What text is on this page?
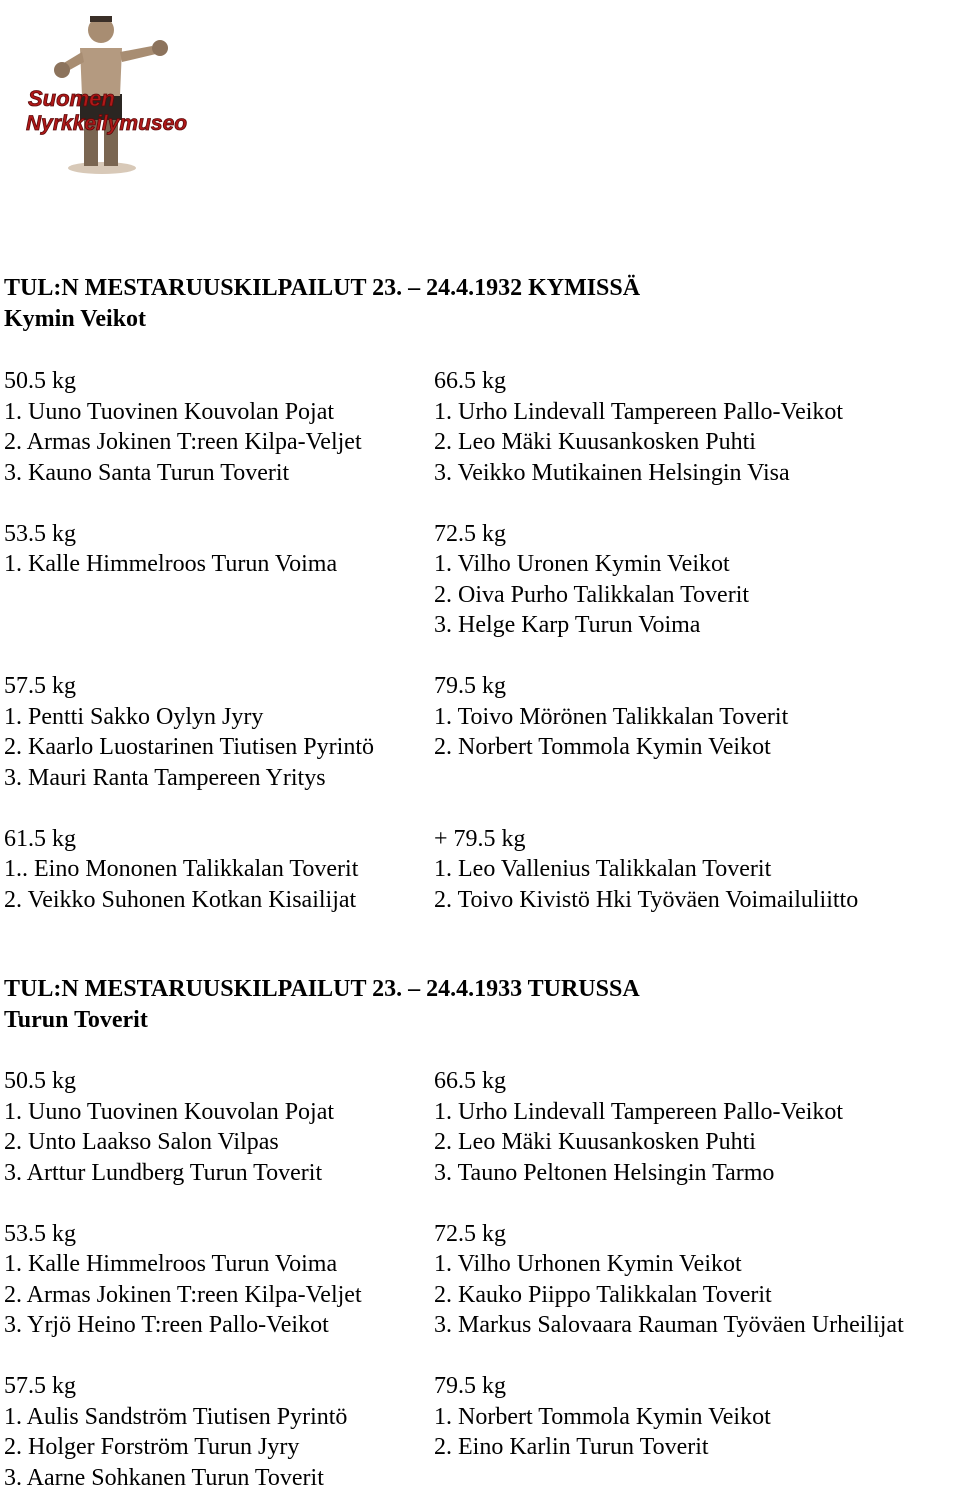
Suomen
Nyrkkeilymuseo
TUL:N MESTARUUSKILPAILUT 23. – 24.4.1932 KYMISSÄ
Kymin Veikot
50.5 kg
1. Uuno Tuovinen Kouvolan Pojat
2. Armas Jokinen T:reen Kilpa-Veljet
3. Kauno Santa Turun Toverit
53.5 kg
1. Kalle Himmelroos Turun Voima
57.5 kg
1. Pentti Sakko Oylyn Jyry
2. Kaarlo Luostarinen Tiutisen Pyrintö
3. Mauri Ranta Tampereen Yritys
61.5 kg
1.. Eino Mononen Talikkalan Toverit
2. Veikko Suhonen Kotkan Kisailijat
66.5 kg
1. Urho Lindevall Tampereen Pallo-Veikot
2. Leo Mäki Kuusankosken Puhti
3. Veikko Mutikainen Helsingin Visa
72.5 kg
1. Vilho Uronen Kymin Veikot
2. Oiva Purho Talikkalan Toverit
3. Helge Karp Turun Voima
79.5 kg
1. Toivo Mörönen Talikkalan Toverit
2. Norbert Tommola Kymin Veikot
+ 79.5 kg
1. Leo Vallenius Talikkalan Toverit
2. Toivo Kivistö Hki Työväen Voimailuliitto
TUL:N MESTARUUSKILPAILUT 23. – 24.4.1933 TURUSSA
Turun Toverit
50.5 kg
1. Uuno Tuovinen Kouvolan Pojat
2. Unto Laakso Salon Vilpas
3. Arttur Lundberg Turun Toverit
53.5 kg
1. Kalle Himmelroos Turun Voima
2. Armas Jokinen T:reen Kilpa-Veljet
3. Yrjö Heino T:reen Pallo-Veikot
57.5 kg
1. Aulis Sandström Tiutisen Pyrintö
2. Holger Forström Turun Jyry
3. Aarne Sohkanen Turun Toverit
66.5 kg
1. Urho Lindevall Tampereen Pallo-Veikot
2. Leo Mäki Kuusankosken Puhti
3. Tauno Peltonen Helsingin Tarmo
72.5 kg
1. Vilho Urhonen Kymin Veikot
2. Kauko Piippo Talikkalan Toverit
3. Markus Salovaara Rauman Työväen Urheilijat
79.5 kg
1. Norbert Tommola Kymin Veikot
2. Eino Karlin Turun Toverit
